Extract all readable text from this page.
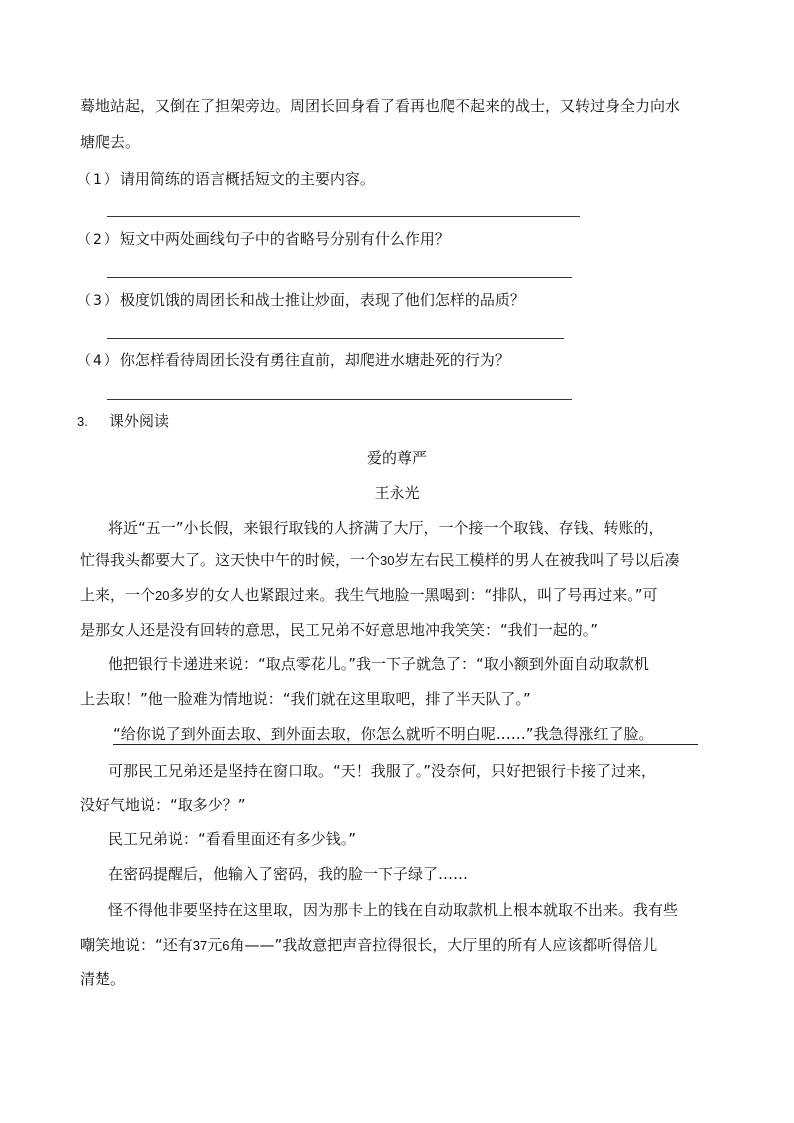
蓦地站起，又倒在了担架旁边。周团长回身看了看再也爬不起来的战士，又转过身全力向水
塘爬去。
（1）请用简练的语言概括短文的主要内容。
（2）短文中两处画线句子中的省略号分别有什么作用？
（3）极度饥饿的周团长和战士推让炒面，表现了他们怎样的品质？
（4）你怎样看待周团长没有勇往直前，却爬进水塘赴死的行为？
3. 课外阅读
爱的尊严
王永光
将近“五一”小长假，来银行取钱的人挤满了大厅，一个接一个取钱、存钱、转账的，
忙得我头都要大了。这天快中午的时候，一个30岁左右民工模样的男人在被我叫了号以后凑
上来，一个20多岁的女人也紧跟过来。我生气地脸一黑喝到：“排队，叫了号再过来。”可
是那女人还是没有回转的意思，民工兄弟不好意思地冲我笑笑：“我们一起的。”
他把银行卡递进来说：“取点零花儿。”我一下子就急了：“取小额到外面自动取款机
上去取！”他一脸难为情地说：“我们就在这里取吧，排了半天队了。”
“给你说了到外面去取、到外面去取，你怎么就听不明白呢……”我急得涨红了脸。
可那民工兄弟还是坚持在窗口取。“天！我服了。”没奈何，只好把银行卡接了过来，
没好气地说：“取多少？”
民工兄弟说：“看看里面还有多少钱。”
在密码提醒后，他输入了密码，我的脸一下子绿了……
怪不得他非要坚持在这里取，因为那卡上的钱在自动取款机上根本就取不出来。我有些
嘲笑地说：“还有37元6角——”我故意把声音拉得很长，大厅里的所有人应该都听得倍儿
清楚。
